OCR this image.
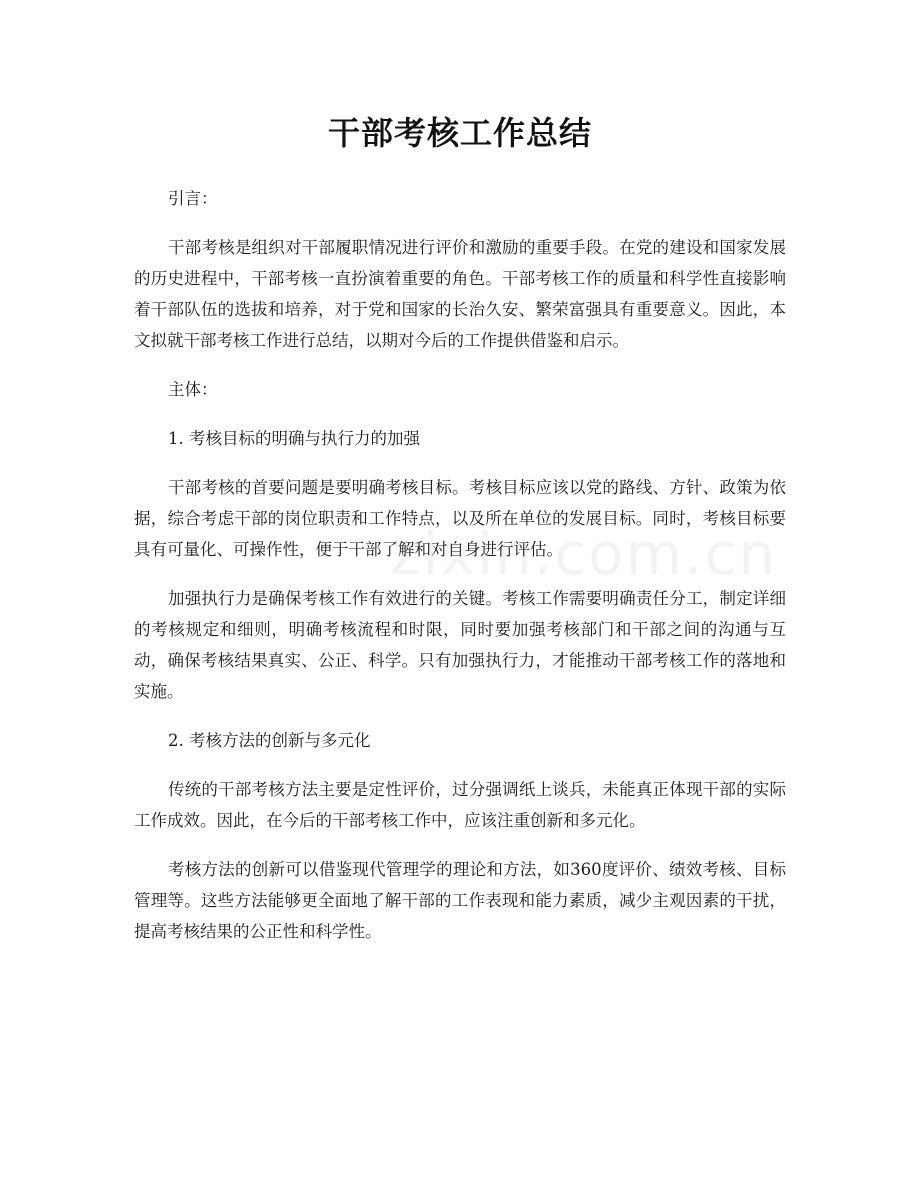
干部考核工作总结

引言：

干部考核是组织对干部履职情况进行评价和激励的重要手段。在党的建设和国家发展的历史进程中，干部考核一直扮演着重要的角色。干部考核工作的质量和科学性直接影响着干部队伍的选拔和培养，对于党和国家的长治久安、繁荣富强具有重要意义。因此，本文拟就干部考核工作进行总结，以期对今后的工作提供借鉴和启示。

主体：

1. 考核目标的明确与执行力的加强

干部考核的首要问题是要明确考核目标。考核目标应该以党的路线、方针、政策为依据，综合考虑干部的岗位职责和工作特点，以及所在单位的发展目标。同时，考核目标要具有可量化、可操作性，便于干部了解和对自身进行评估。

加强执行力是确保考核工作有效进行的关键。考核工作需要明确责任分工，制定详细的考核规定和细则，明确考核流程和时限，同时要加强考核部门和干部之间的沟通与互动，确保考核结果真实、公正、科学。只有加强执行力，才能推动干部考核工作的落地和实施。

2. 考核方法的创新与多元化

传统的干部考核方法主要是定性评价，过分强调纸上谈兵，未能真正体现干部的实际工作成效。因此，在今后的干部考核工作中，应该注重创新和多元化。

考核方法的创新可以借鉴现代管理学的理论和方法，如360度评价、绩效考核、目标管理等。这些方法能够更全面地了解干部的工作表现和能力素质，减少主观因素的干扰，提高考核结果的公正性和科学性。
